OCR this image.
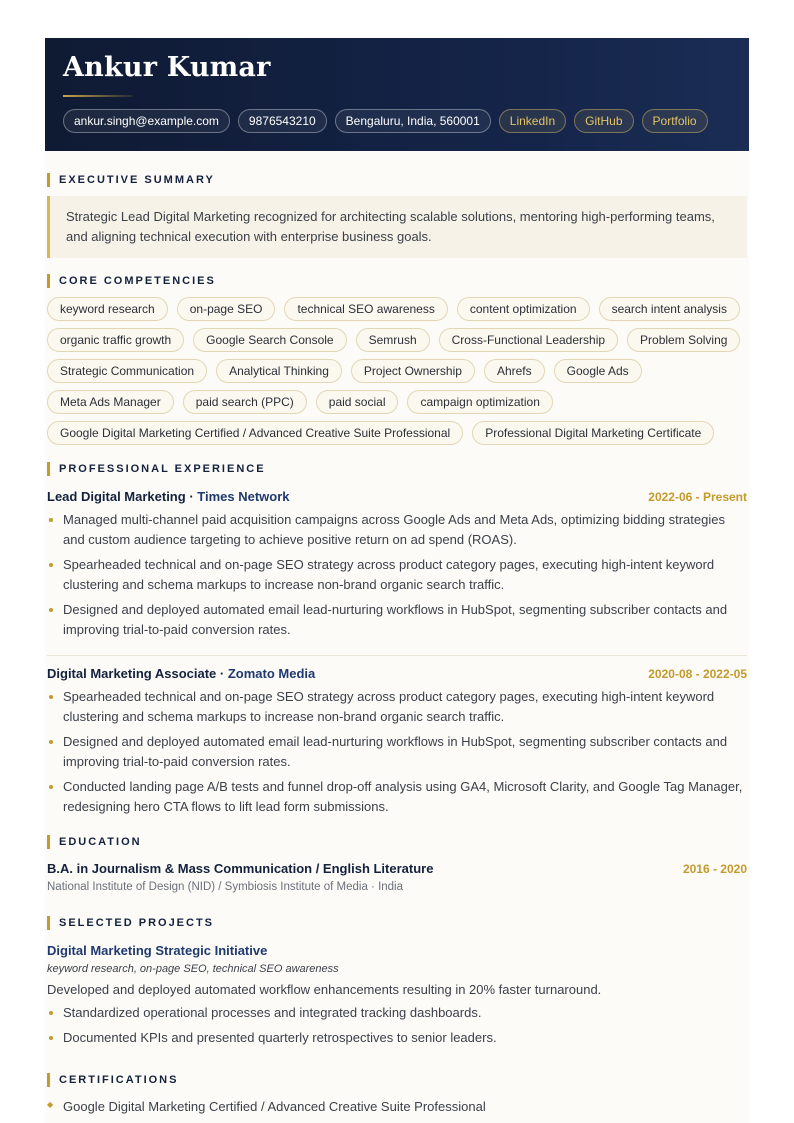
Ankur Kumar
ankur.singh@example.com	9876543210	Bengaluru, India, 560001	LinkedIn	GitHub	Portfolio
EXECUTIVE SUMMARY
Strategic Lead Digital Marketing recognized for architecting scalable solutions, mentoring high-performing teams, and aligning technical execution with enterprise business goals.
CORE COMPETENCIES
keyword research	on-page SEO	technical SEO awareness	content optimization	search intent analysis
organic traffic growth	Google Search Console	Semrush	Cross-Functional Leadership	Problem Solving
Strategic Communication	Analytical Thinking	Project Ownership	Ahrefs	Google Ads
Meta Ads Manager	paid search (PPC)	paid social	campaign optimization
Google Digital Marketing Certified / Advanced Creative Suite Professional	Professional Digital Marketing Certificate
PROFESSIONAL EXPERIENCE
Lead Digital Marketing · Times Network	2022-06 - Present
Managed multi-channel paid acquisition campaigns across Google Ads and Meta Ads, optimizing bidding strategies and custom audience targeting to achieve positive return on ad spend (ROAS).
Spearheaded technical and on-page SEO strategy across product category pages, executing high-intent keyword clustering and schema markups to increase non-brand organic search traffic.
Designed and deployed automated email lead-nurturing workflows in HubSpot, segmenting subscriber contacts and improving trial-to-paid conversion rates.
Digital Marketing Associate · Zomato Media	2020-08 - 2022-05
Spearheaded technical and on-page SEO strategy across product category pages, executing high-intent keyword clustering and schema markups to increase non-brand organic search traffic.
Designed and deployed automated email lead-nurturing workflows in HubSpot, segmenting subscriber contacts and improving trial-to-paid conversion rates.
Conducted landing page A/B tests and funnel drop-off analysis using GA4, Microsoft Clarity, and Google Tag Manager, redesigning hero CTA flows to lift lead form submissions.
EDUCATION
B.A. in Journalism & Mass Communication / English Literature	2016 - 2020
National Institute of Design (NID) / Symbiosis Institute of Media · India
SELECTED PROJECTS
Digital Marketing Strategic Initiative
keyword research, on-page SEO, technical SEO awareness
Developed and deployed automated workflow enhancements resulting in 20% faster turnaround.
Standardized operational processes and integrated tracking dashboards.
Documented KPIs and presented quarterly retrospectives to senior leaders.
CERTIFICATIONS
◆ Google Digital Marketing Certified / Advanced Creative Suite Professional
